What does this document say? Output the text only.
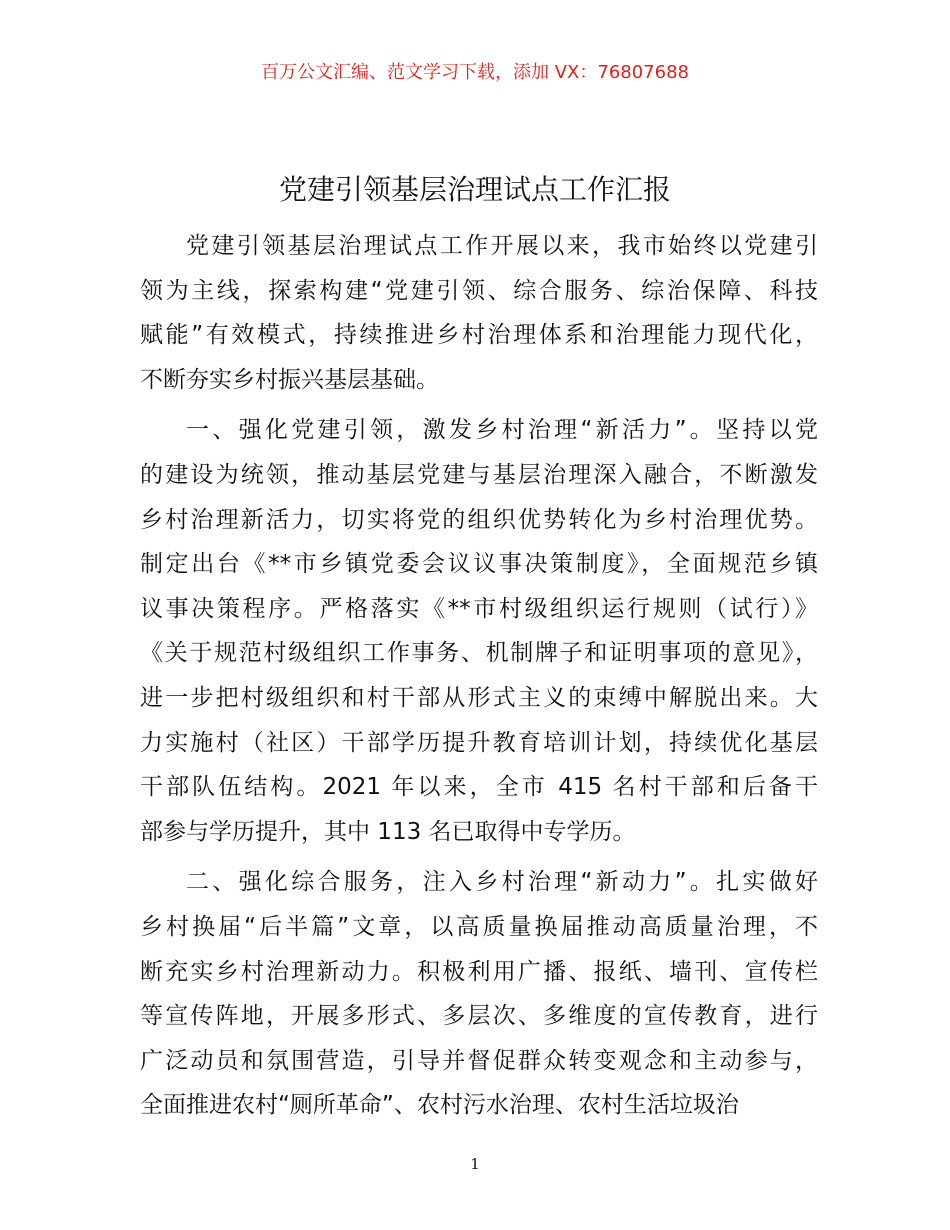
百万公文汇编、范文学习下载，添加 VX：76807688
党建引领基层治理试点工作汇报
党建引领基层治理试点工作开展以来，我市始终以党建引
领为主线，探索构建“党建引领、综合服务、综治保障、科技
赋能”有效模式，持续推进乡村治理体系和治理能力现代化，
不断夯实乡村振兴基层基础。
一、强化党建引领，激发乡村治理“新活力”。坚持以党
的建设为统领，推动基层党建与基层治理深入融合，不断激发
乡村治理新活力，切实将党的组织优势转化为乡村治理优势。
制定出台《**市乡镇党委会议议事决策制度》，全面规范乡镇
议事决策程序。严格落实《**市村级组织运行规则（试行）》
《关于规范村级组织工作事务、机制牌子和证明事项的意见》，
进一步把村级组织和村干部从形式主义的束缚中解脱出来。大
力实施村（社区）干部学历提升教育培训计划，持续优化基层
干部队伍结构。2021 年以来，全市 415 名村干部和后备干
部参与学历提升，其中 113 名已取得中专学历。
二、强化综合服务，注入乡村治理“新动力”。扎实做好
乡村换届“后半篇”文章，以高质量换届推动高质量治理，不
断充实乡村治理新动力。积极利用广播、报纸、墙刊、宣传栏
等宣传阵地，开展多形式、多层次、多维度的宣传教育，进行
广泛动员和氛围营造，引导并督促群众转变观念和主动参与，
全面推进农村“厕所革命”、农村污水治理、农村生活垃圾治
1
